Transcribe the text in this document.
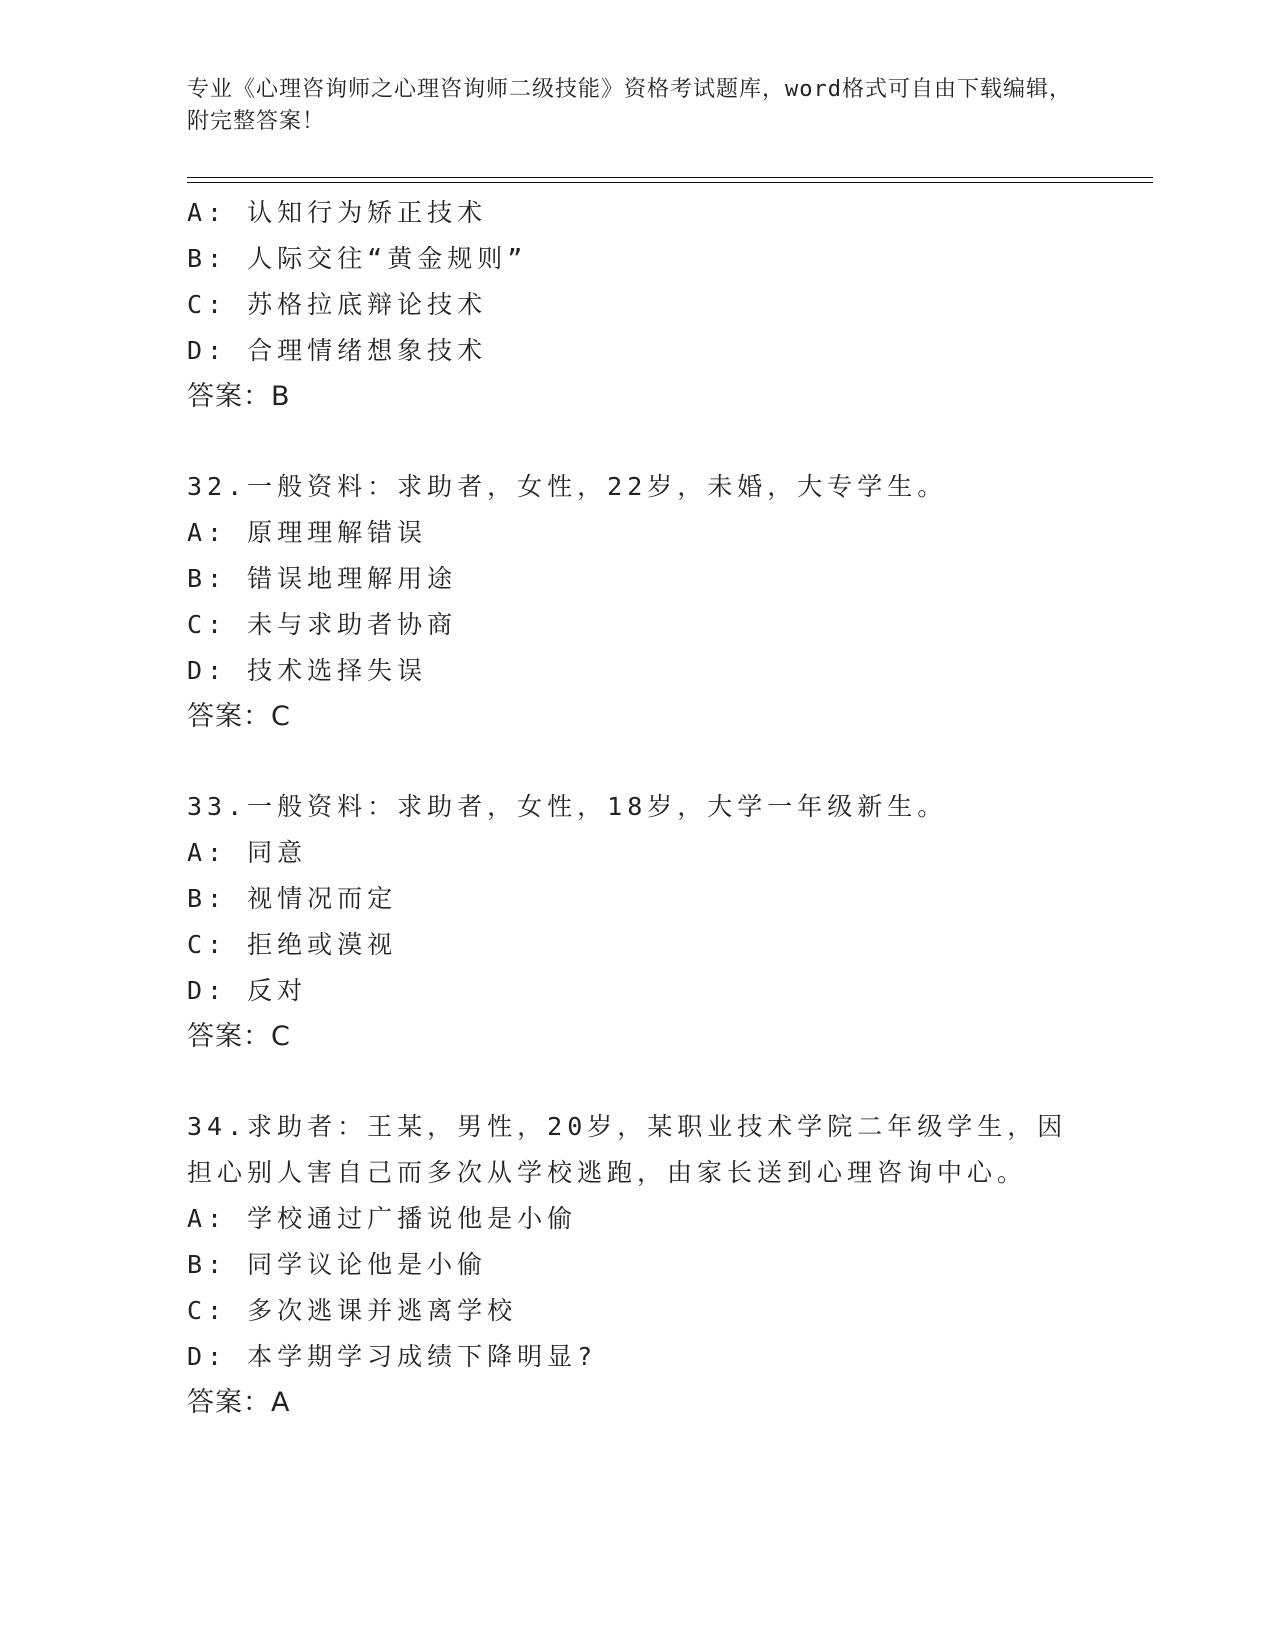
专业《心理咨询师之心理咨询师二级技能》资格考试题库，word格式可自由下载编辑，附完整答案！
A: 认知行为矫正技术
B: 人际交往“黄金规则”
C: 苏格拉底辩论技术
D: 合理情绪想象技术
答案：B
32.一般资料：求助者，女性，22岁，未婚，大专学生。
A: 原理理解错误
B: 错误地理解用途
C: 未与求助者协商
D: 技术选择失误
答案：C
33.一般资料：求助者，女性，18岁，大学一年级新生。
A: 同意
B: 视情况而定
C: 拒绝或漠视
D: 反对
答案：C
34.求助者：王某，男性，20岁，某职业技术学院二年级学生，因担心别人害自己而多次从学校逃跑，由家长送到心理咨询中心。
A: 学校通过广播说他是小偷
B: 同学议论他是小偷
C: 多次逃课并逃离学校
D: 本学期学习成绩下降明显?
答案：A
